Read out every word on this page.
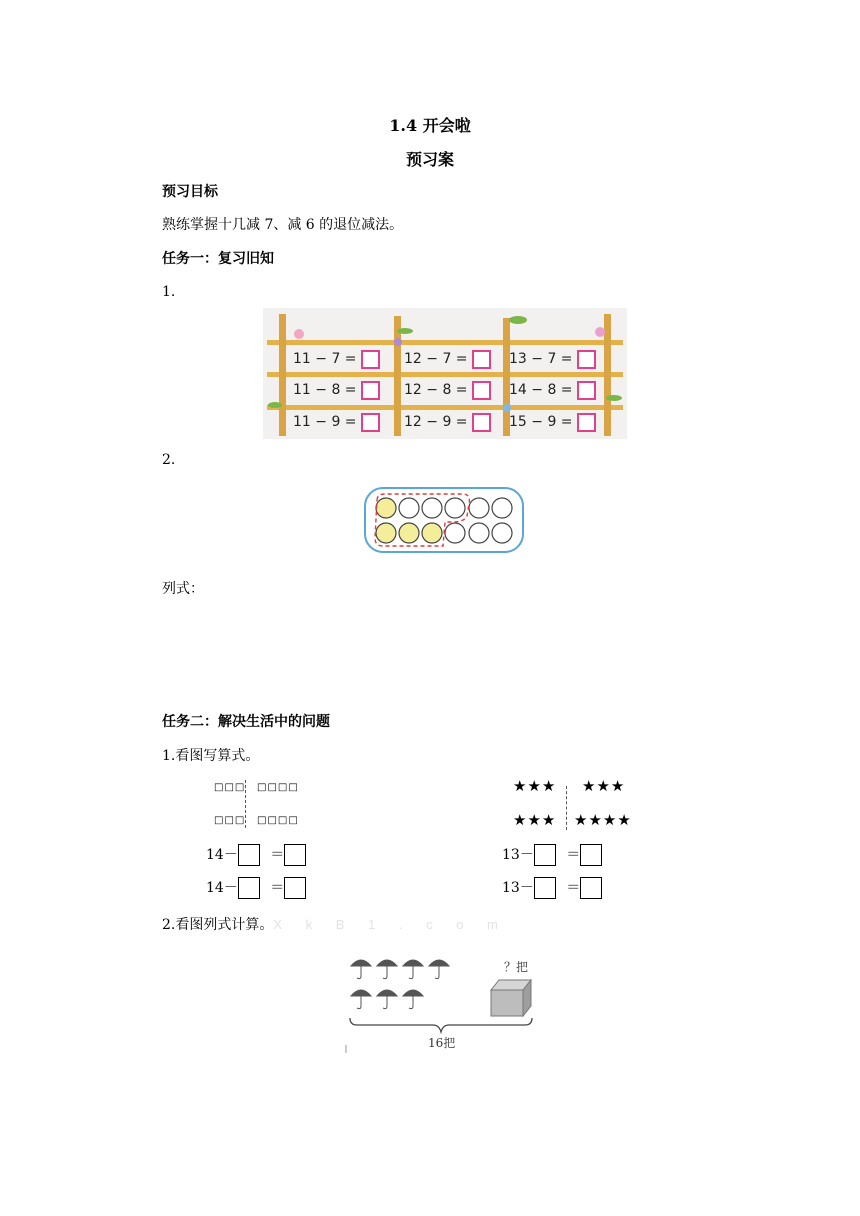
1.4 开会啦
预习案
预习目标
熟练掌握十几减 7、减 6 的退位减法。
任务一：复习旧知
1.
11 − 7 =	12 − 7 =	13 − 7 =
11 − 8 =	12 − 8 =	14 − 8 =
11 − 9 =	12 − 9 =	15 − 9 =
2.
列式：
任务二：解决生活中的问题
1.看图写算式。
□□□ □□□□
□□□ □□□□
★★★ ★★★
★★★ ★★★★
14－ ＝
14－ ＝
13－ ＝
13－ ＝
2.看图列式计算。X k B 1 . c o m
？把
16把
